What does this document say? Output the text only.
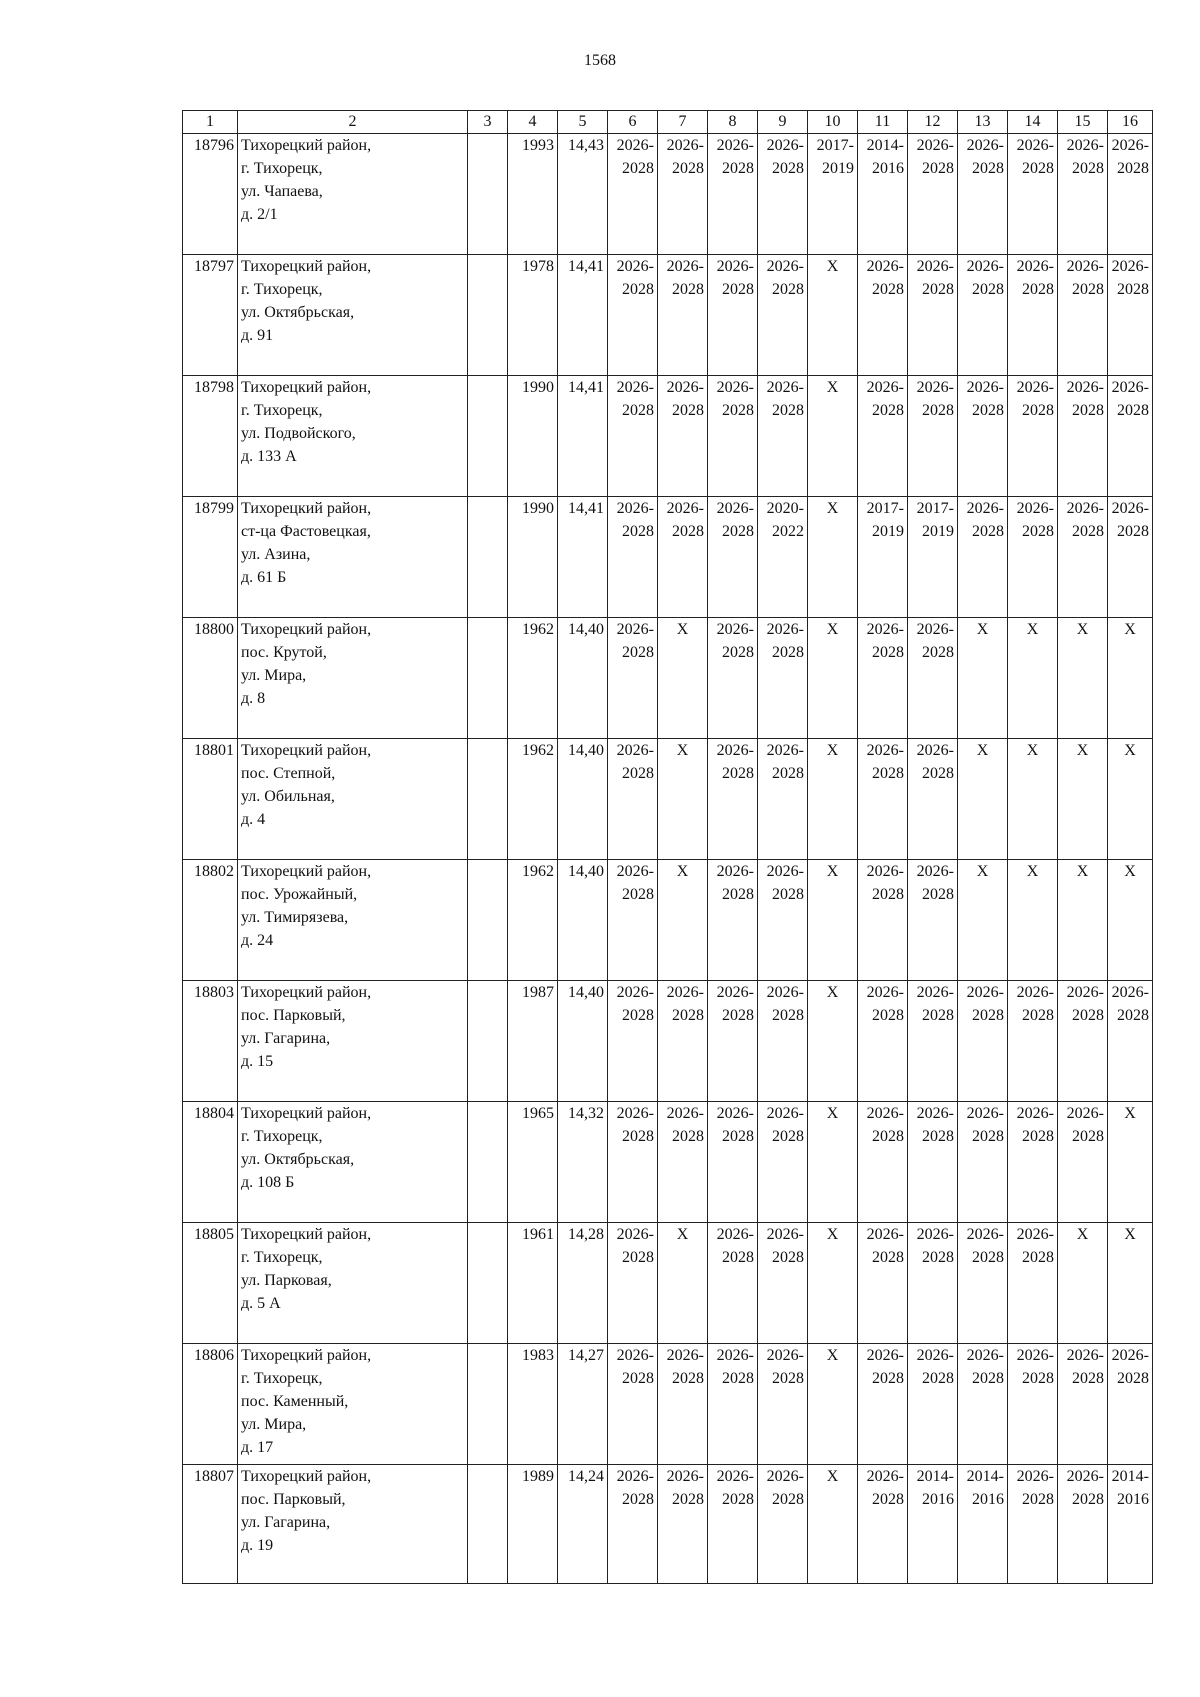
1568
1	2	3	4	5	6	7	8	9	10	11	12	13	14	15	16
18796	Тихорецкий район,
г. Тихорецк,
ул. Чапаева,
д. 2/1		1993	14,43	2026-
2028	2026-
2028	2026-
2028	2026-
2028	2017-
2019	2014-
2016	2026-
2028	2026-
2028	2026-
2028	2026-
2028	2026-
2028

18797	Тихорецкий район,
г. Тихорецк,
ул. Октябрьская,
д. 91		1978	14,41	2026-
2028	2026-
2028	2026-
2028	2026-
2028	X	2026-
2028	2026-
2028	2026-
2028	2026-
2028	2026-
2028	2026-
2028

18798	Тихорецкий район,
г. Тихорецк,
ул. Подвойского,
д. 133 А		1990	14,41	2026-
2028	2026-
2028	2026-
2028	2026-
2028	X	2026-
2028	2026-
2028	2026-
2028	2026-
2028	2026-
2028	2026-
2028

18799	Тихорецкий район,
ст-ца Фастовецкая,
ул. Азина,
д. 61 Б		1990	14,41	2026-
2028	2026-
2028	2026-
2028	2020-
2022	X	2017-
2019	2017-
2019	2026-
2028	2026-
2028	2026-
2028	2026-
2028

18800	Тихорецкий район,
пос. Крутой,
ул. Мира,
д. 8		1962	14,40	2026-
2028	X	2026-
2028	2026-
2028	X	2026-
2028	2026-
2028	X	X	X	X
18801	Тихорецкий район,
пос. Степной,
ул. Обильная,
д. 4		1962	14,40	2026-
2028	X	2026-
2028	2026-
2028	X	2026-
2028	2026-
2028	X	X	X	X
18802	Тихорецкий район,
пос. Урожайный,
ул. Тимирязева,
д. 24		1962	14,40	2026-
2028	X	2026-
2028	2026-
2028	X	2026-
2028	2026-
2028	X	X	X	X
18803	Тихорецкий район,
пос. Парковый,
ул. Гагарина,
д. 15		1987	14,40	2026-
2028	2026-
2028	2026-
2028	2026-
2028	X	2026-
2028	2026-
2028	2026-
2028	2026-
2028	2026-
2028	2026-
2028

18804	Тихорецкий район,
г. Тихорецк,
ул. Октябрьская,
д. 108 Б		1965	14,32	2026-
2028	2026-
2028	2026-
2028	2026-
2028	X	2026-
2028	2026-
2028	2026-
2028	2026-
2028	2026-
2028	X
18805	Тихорецкий район,
г. Тихорецк,
ул. Парковая,
д. 5 А		1961	14,28	2026-
2028	X	2026-
2028	2026-
2028	X	2026-
2028	2026-
2028	2026-
2028	2026-
2028	X	X
18806	Тихорецкий район,
г. Тихорецк,
пос. Каменный,
ул. Мира,
д. 17		1983	14,27	2026-
2028	2026-
2028	2026-
2028	2026-
2028	X	2026-
2028	2026-
2028	2026-
2028	2026-
2028	2026-
2028	2026-
2028

18807	Тихорецкий район,
пос. Парковый,
ул. Гагарина,
д. 19		1989	14,24	2026-
2028	2026-
2028	2026-
2028	2026-
2028	X	2026-
2028	2014-
2016	2014-
2016	2026-
2028	2026-
2028	2014-
2016
